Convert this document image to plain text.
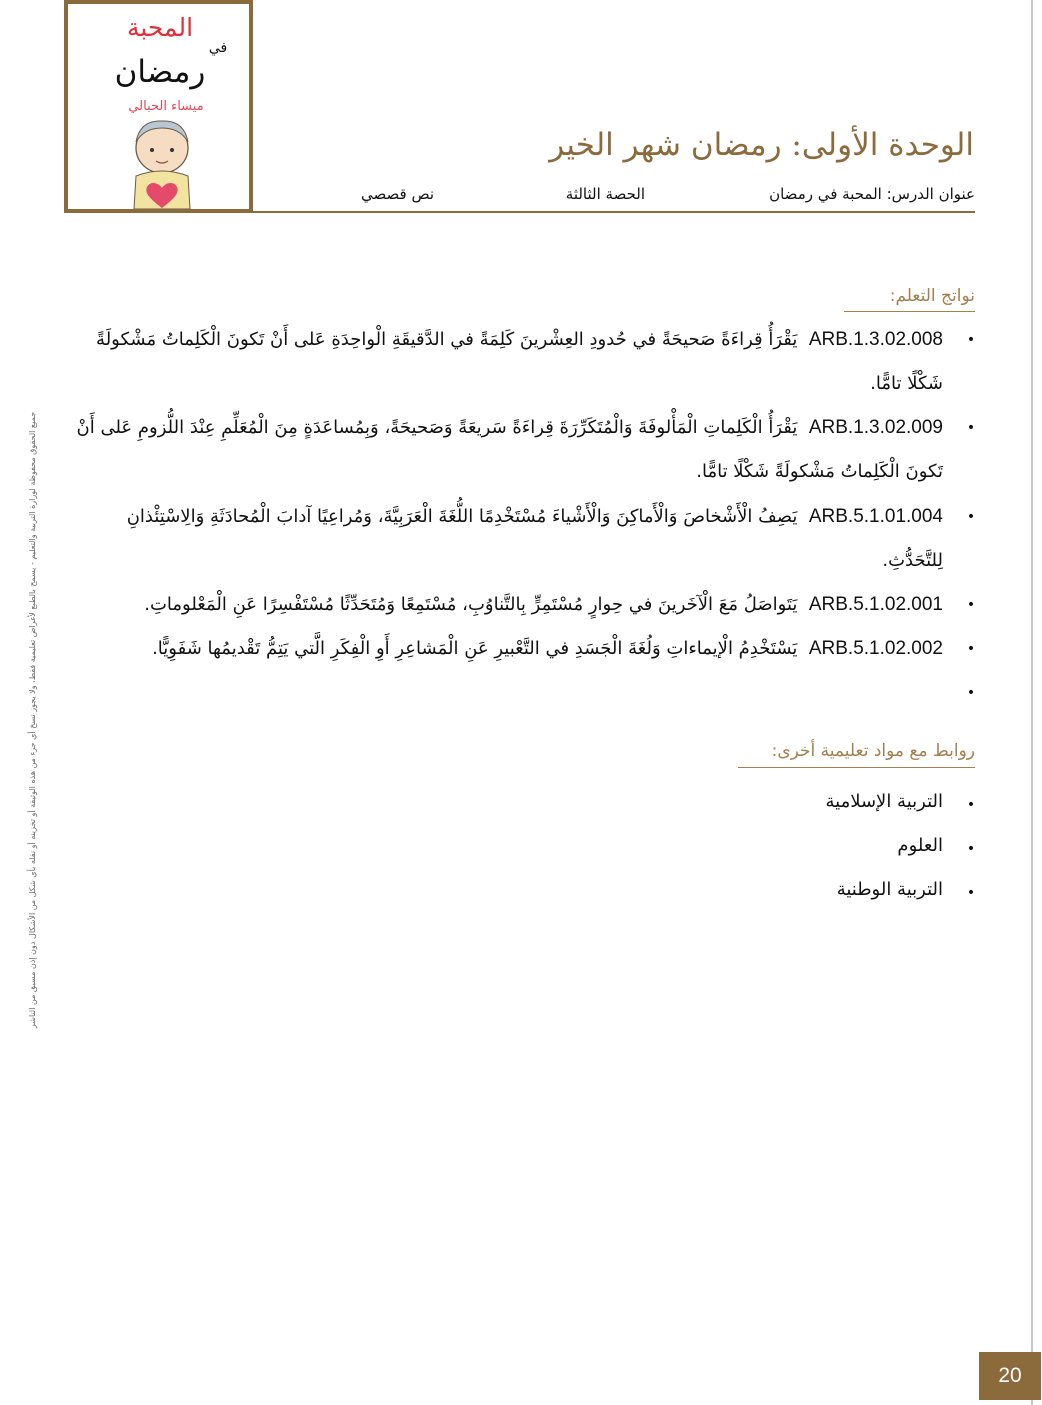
جميع الحقوق محفوظة لوزارة التربية والتعليم - يسمح بالطبع لأغراض تعليمية فقط، ولا يجوز نسخ أي جزء من هذه الوثيقة أو تخزينه أو نقله بأي شكل من الأشكال دون إذن مسبق من الناشر
المحبة
في
رمضان
ميساء الحبالي
الوحدة الأولى: رمضان شهر الخير
عنوان الدرس: المحبة في رمضان
الحصة الثالثة
نص قصصي
نواتج التعلم:
•
ARB.1.3.02.008  يَقْرَأُ قِراءَةً صَحيحَةً في حُدودِ العِشْرينَ كَلِمَةً في الدَّقيقَةِ الْواحِدَةِ عَلى أَنْ تَكونَ الْكَلِماتُ مَشْكولَةً شَكْلًا تامًّا.
•
ARB.1.3.02.009  يَقْرَأُ الْكَلِماتِ الْمَأْلوفَةَ وَالْمُتَكَرِّرَةَ قِراءَةً سَريعَةً وَصَحيحَةً، وَبِمُساعَدَةٍ مِنَ الْمُعَلِّمِ عِنْدَ اللُّزومِ عَلى أَنْ تَكونَ الْكَلِماتُ مَشْكولَةً شَكْلًا تامًّا.
•
ARB.5.1.01.004  يَصِفُ الْأَشْخاصَ وَالْأَماكِنَ وَالْأَشْياءَ مُسْتَخْدِمًا اللُّغَةَ الْعَرَبِيَّةَ، وَمُراعِيًا آدابَ الْمُحادَثَةِ وَالِاسْتِئْذانِ لِلتَّحَدُّثِ.
•
ARB.5.1.02.001  يَتَواصَلُ مَعَ الْآخَرينَ في حِوارٍ مُسْتَمِرٍّ بِالتَّناوُبِ، مُسْتَمِعًا وَمُتَحَدِّثًا مُسْتَفْسِرًا عَنِ الْمَعْلوماتِ.
•
ARB.5.1.02.002  يَسْتَخْدِمُ الْإيماءاتِ وَلُغَةَ الْجَسَدِ في التَّعْبيرِ عَنِ الْمَشاعِرِ أَوِ الْفِكَرِ الَّتي يَتِمُّ تَقْديمُها شَفَوِيًّا.
•
روابط مع مواد تعليمية أخرى:
•
التربية الإسلامية
•
العلوم
•
التربية الوطنية
20
